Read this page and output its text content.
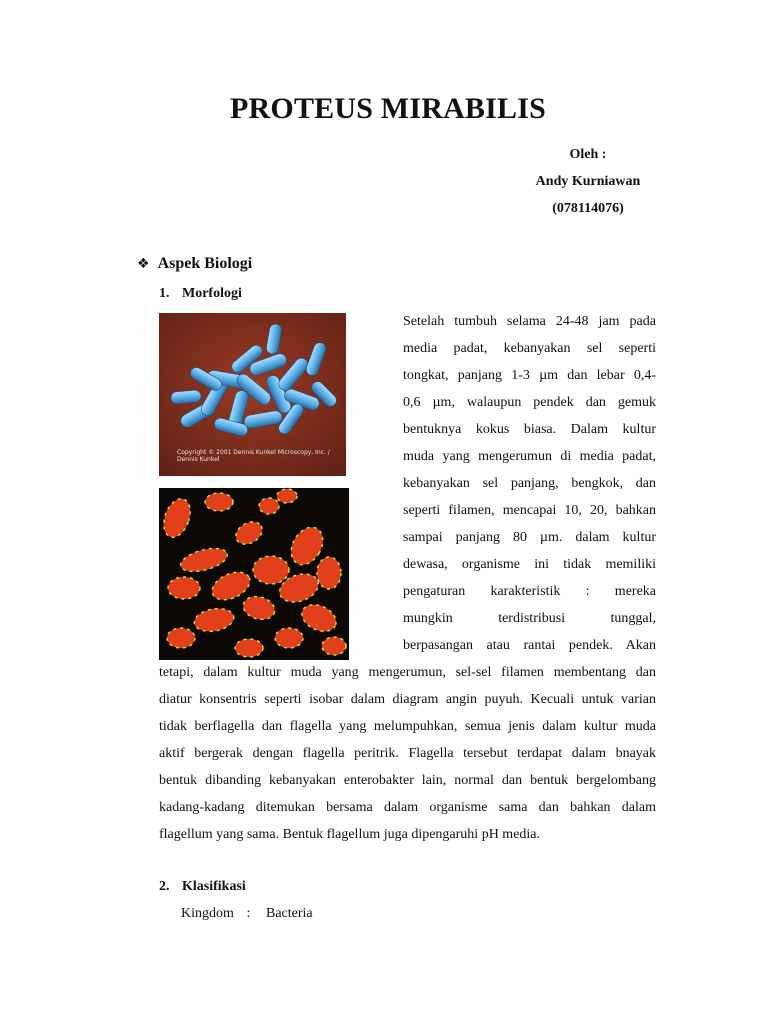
PROTEUS MIRABILIS
Oleh :
Andy Kurniawan
(078114076)
❖ Aspek Biologi
1. Morfologi
Copyright © 2001 Dennis Kunkel Microscopy, Inc. / Dennis Kunkel
Setelah tumbuh selama 24-48 jam pada
media padat, kebanyakan sel seperti
tongkat, panjang 1-3 µm dan lebar 0,4-
0,6 µm, walaupun pendek dan gemuk
bentuknya kokus biasa. Dalam kultur
muda yang mengerumun di media padat,
kebanyakan sel panjang, bengkok, dan
seperti filamen, mencapai 10, 20, bahkan
sampai panjang 80 µm. dalam kultur
dewasa, organisme ini tidak memiliki
pengaturan karakteristik : mereka
mungkin terdistribusi tunggal,
berpasangan atau rantai pendek. Akan
tetapi, dalam kultur muda yang mengerumun, sel-sel filamen membentang dan
diatur konsentris seperti isobar dalam diagram angin puyuh. Kecuali untuk varian
tidak berflagella dan flagella yang melumpuhkan, semua jenis dalam kultur muda
aktif bergerak dengan flagella peritrik. Flagella tersebut terdapat dalam bnayak
bentuk dibanding kebanyakan enterobakter lain, normal dan bentuk bergelombang
kadang-kadang ditemukan bersama dalam organisme sama dan bahkan dalam
flagellum yang sama. Bentuk flagellum juga dipengaruhi pH media.
2. Klasifikasi
Kingdom : Bacteria
